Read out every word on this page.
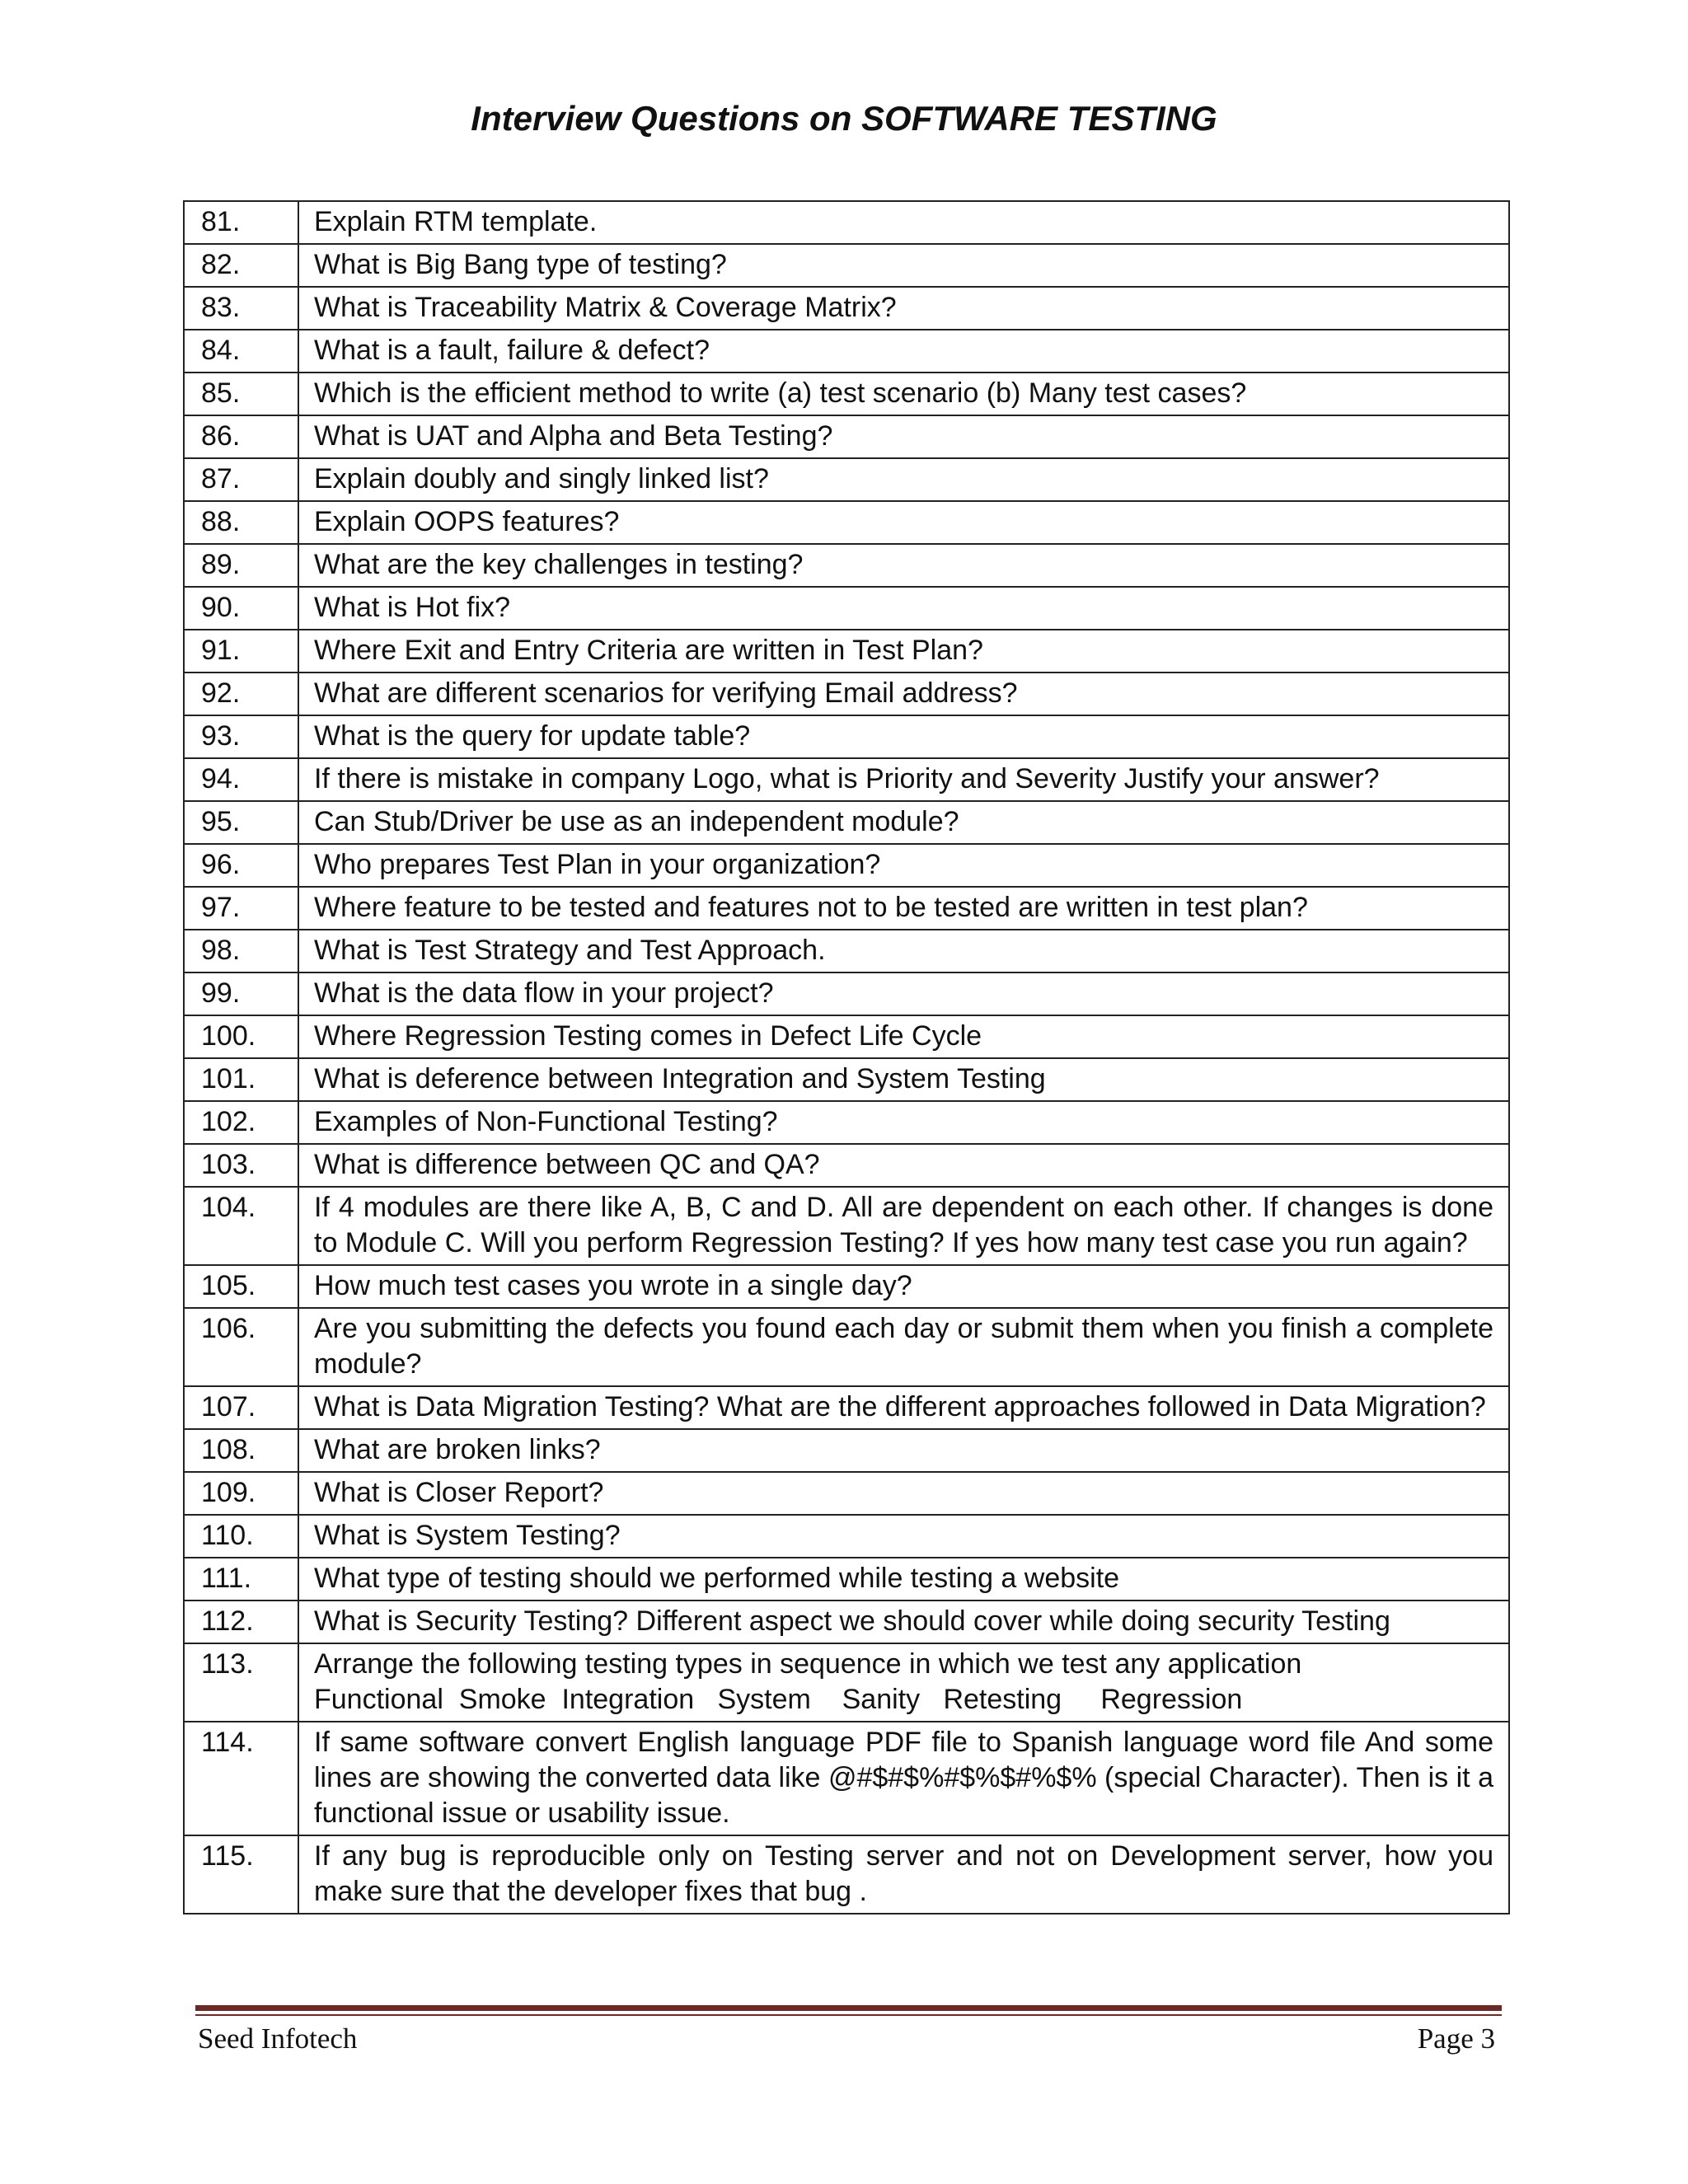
Interview Questions on SOFTWARE TESTING
81.	Explain RTM template.

82.	What is Big Bang type of testing?

83.	What is Traceability Matrix & Coverage Matrix?

84.	What is a fault, failure & defect?

85.	Which is the efficient method to write (a) test scenario (b) Many test cases?

86.	What is UAT and Alpha and Beta Testing?

87.	Explain doubly and singly linked list?

88.	Explain OOPS features?

89.	What are the key challenges in testing?

90.	What is Hot fix?

91.	Where Exit and Entry Criteria are written in Test Plan?

92.	What are different scenarios for verifying Email address?

93.	What is the query for update table?

94.	If there is mistake in company Logo, what is Priority and Severity Justify your answer?

95.	Can Stub/Driver be use as an independent module?

96.	Who prepares Test Plan in your organization?

97.	Where feature to be tested and features not to be tested are written in test plan?

98.	What is Test Strategy and Test Approach.

99.	What is the data flow in your project?

100.	Where Regression Testing comes in Defect Life Cycle

101.	What is deference between Integration and System Testing

102.	Examples of Non-Functional Testing?

103.	What is difference between QC and QA?

104.	If 4 modules are there like A, B, C and D. All are dependent on each other. If changes is done to Module C. Will you perform Regression Testing? If yes how many test case you run again?

105.	How much test cases you wrote in a single day?

106.	Are you submitting the defects you found each day or submit them when you finish a complete module?

107.	What is Data Migration Testing? What are the different approaches followed in Data Migration?

108.	What are broken links?

109.	What is Closer Report?

110.	What is System Testing?

111.	What type of testing should we performed while testing a website

112.	What is Security Testing? Different aspect we should cover while doing security Testing

113.	Arrange the following testing types in sequence in which we test any application
Functional  Smoke  Integration   System    Sanity   Retesting     Regression

114.	If same software convert English language PDF file to Spanish language word file And some lines are showing the converted data like @#$#$%#$%$#%$% (special Character). Then is it a functional issue or usability issue.

115.	If any bug is reproducible only on Testing server and not on Development server, how you make sure that the developer fixes that bug .
Seed Infotech	Page 3
